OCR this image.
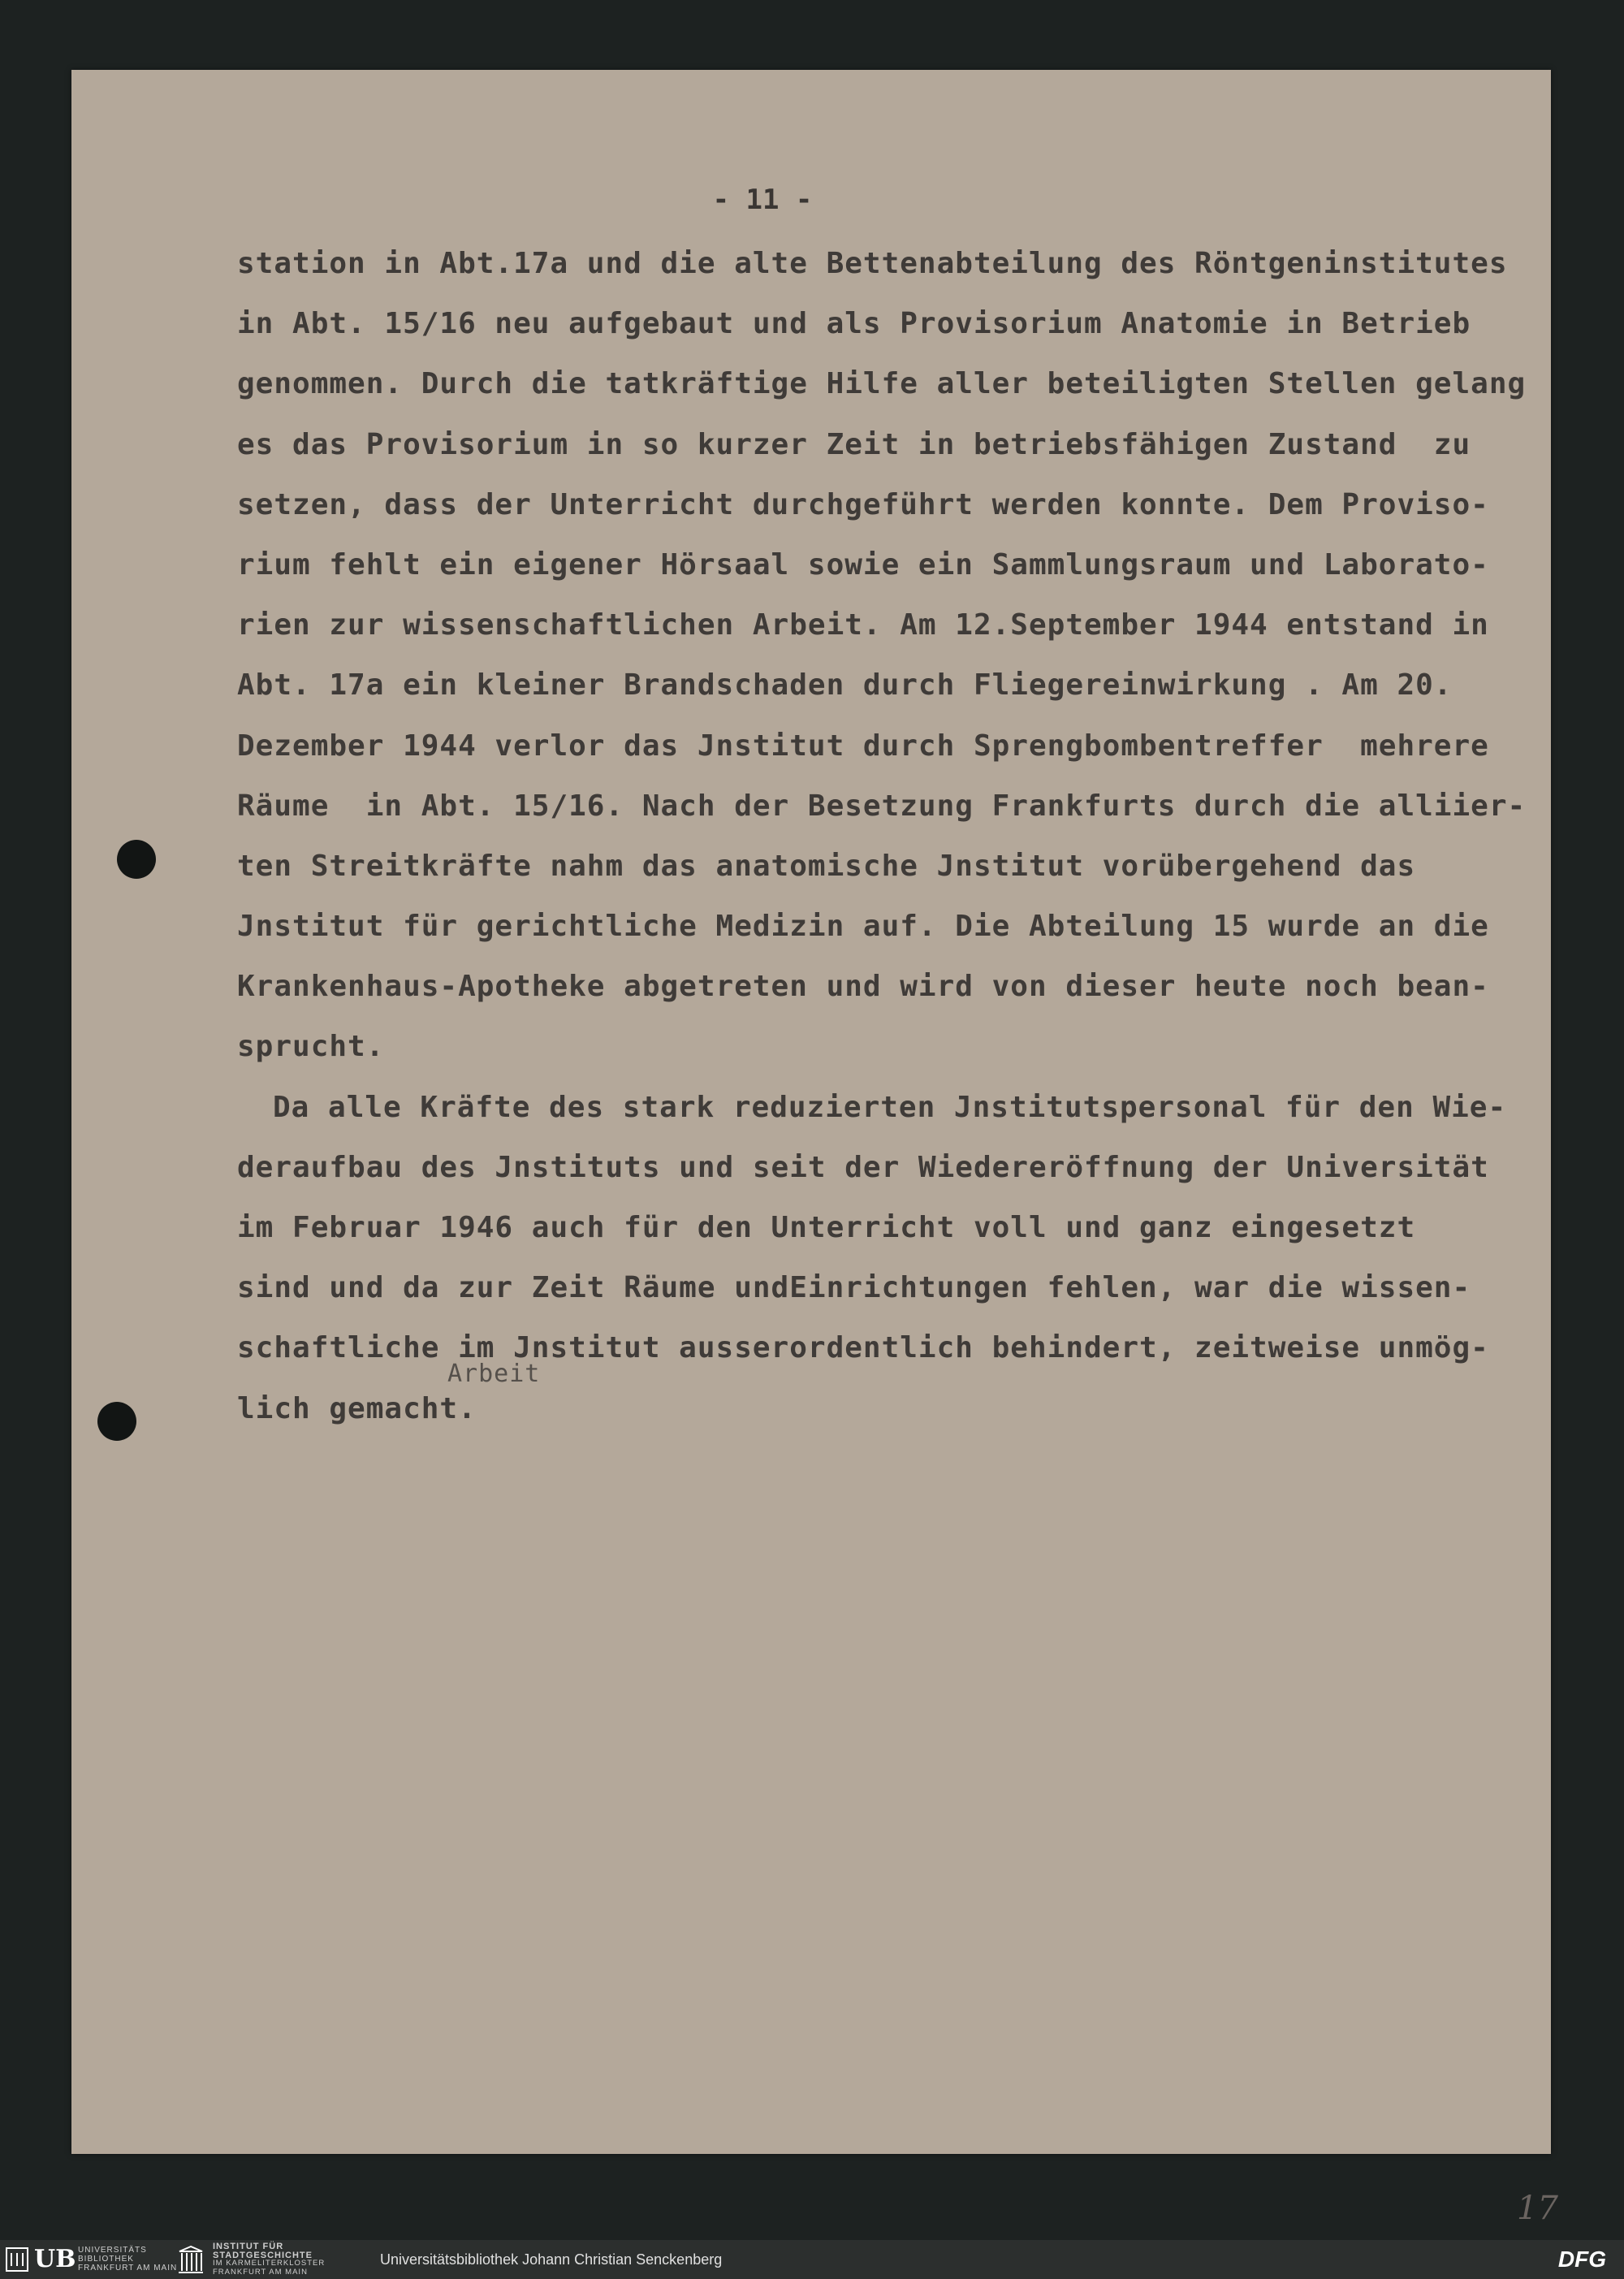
- 11 -
station in Abt.17a und die alte Bettenabteilung des Röntgeninstitutes
in Abt. 15/16 neu aufgebaut und als Provisorium Anatomie in Betrieb
genommen. Durch die tatkräftige Hilfe aller beteiligten Stellen gelang
es das Provisorium in so kurzer Zeit in betriebsfähigen Zustand  zu
setzen, dass der Unterricht durchgeführt werden konnte. Dem Proviso-
rium fehlt ein eigener Hörsaal sowie ein Sammlungsraum und Laborato-
rien zur wissenschaftlichen Arbeit. Am 12.September 1944 entstand in
Abt. 17a ein kleiner Brandschaden durch Fliegereinwirkung . Am 20.
Dezember 1944 verlor das Jnstitut durch Sprengbombentreffer  mehrere
Räume  in Abt. 15/16. Nach der Besetzung Frankfurts durch die alliier-
ten Streitkräfte nahm das anatomische Jnstitut vorübergehend das
Jnstitut für gerichtliche Medizin auf. Die Abteilung 15 wurde an die
Krankenhaus-Apotheke abgetreten und wird von dieser heute noch bean-
sprucht.
Da alle Kräfte des stark reduzierten Jnstitutspersonal für den Wie-
deraufbau des Jnstituts und seit der Wiedereröffnung der Universität
im Februar 1946 auch für den Unterricht voll und ganz eingesetzt
sind und da zur Zeit Räume undEinrichtungen fehlen, war die wissen-
schaftliche im Jnstitut ausserordentlich behindert, zeitweise unmög-
lich gemacht.
Arbeit
17
UB UNIVERSITÄTS
BIBLIOTHEK
FRANKFURT AM MAIN
INSTITUT FÜR
STADTGESCHICHTE
IM KARMELITERKLOSTER
FRANKFURT AM MAIN
Universitätsbibliothek Johann Christian Senckenberg	DFG
